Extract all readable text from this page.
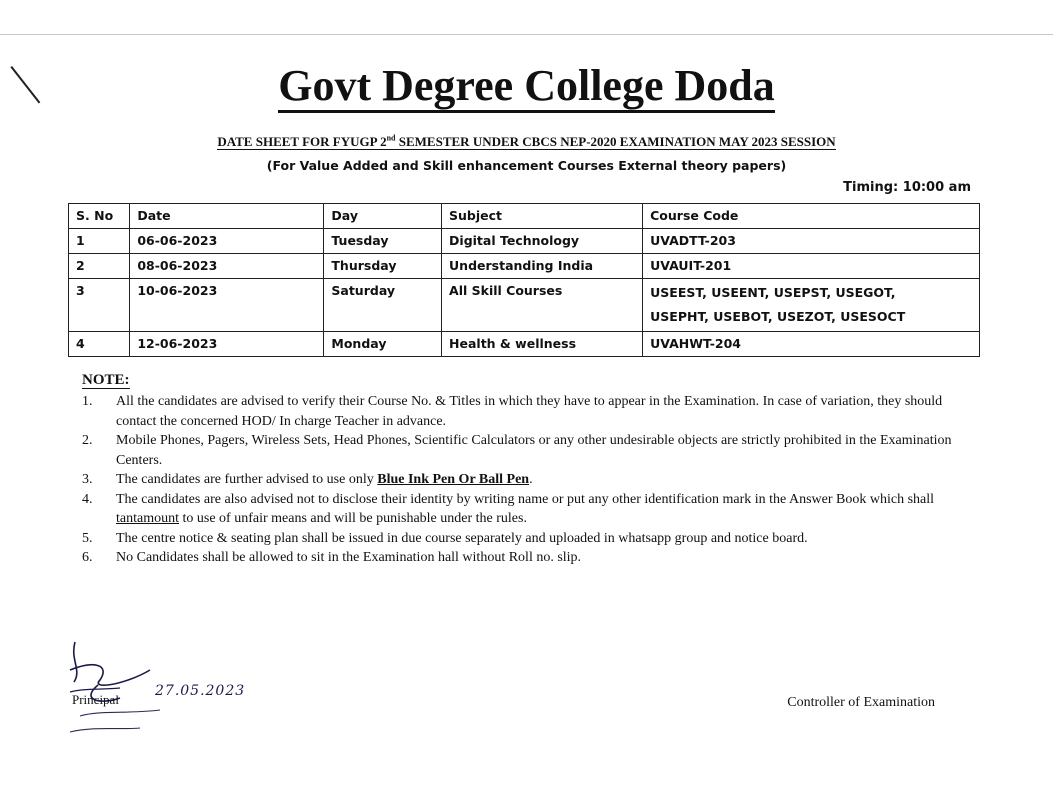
Govt Degree College Doda
DATE SHEET FOR FYUGP 2nd SEMESTER UNDER CBCS NEP-2020 EXAMINATION MAY 2023 SESSION
(For Value Added and Skill enhancement Courses External theory papers)
Timing: 10:00 am
S. No	Date	Day	Subject	Course Code
1	06-06-2023	Tuesday	Digital Technology	UVADTT-203
2	08-06-2023	Thursday	Understanding India	UVAUIT-201
3	10-06-2023	Saturday	All Skill Courses	USEEST, USEENT, USEPST, USEGOT,
USEPHT, USEBOT, USEZOT, USESOCT

4	12-06-2023	Monday	Health & wellness	UVAHWT-204
NOTE:

1. All the candidates are advised to verify their Course No. & Titles in which they have to appear in the Examination. In case of variation, they should contact the concerned HOD/ In charge Teacher in advance.

2. Mobile Phones, Pagers, Wireless Sets, Head Phones, Scientific Calculators or any other undesirable objects are strictly prohibited in the Examination Centers.

3. The candidates are further advised to use only Blue Ink Pen Or Ball Pen.

4. The candidates are also advised not to disclose their identity by writing name or put any other identification mark in the Answer Book which shall tantamount to use of unfair means and will be punishable under the rules.

5. The centre notice & seating plan shall be issued in due course separately and uploaded in whatsapp group and notice board.

6. No Candidates shall be allowed to sit in the Examination hall without Roll no. slip.

Principal
27.05.2023
Controller of Examination
